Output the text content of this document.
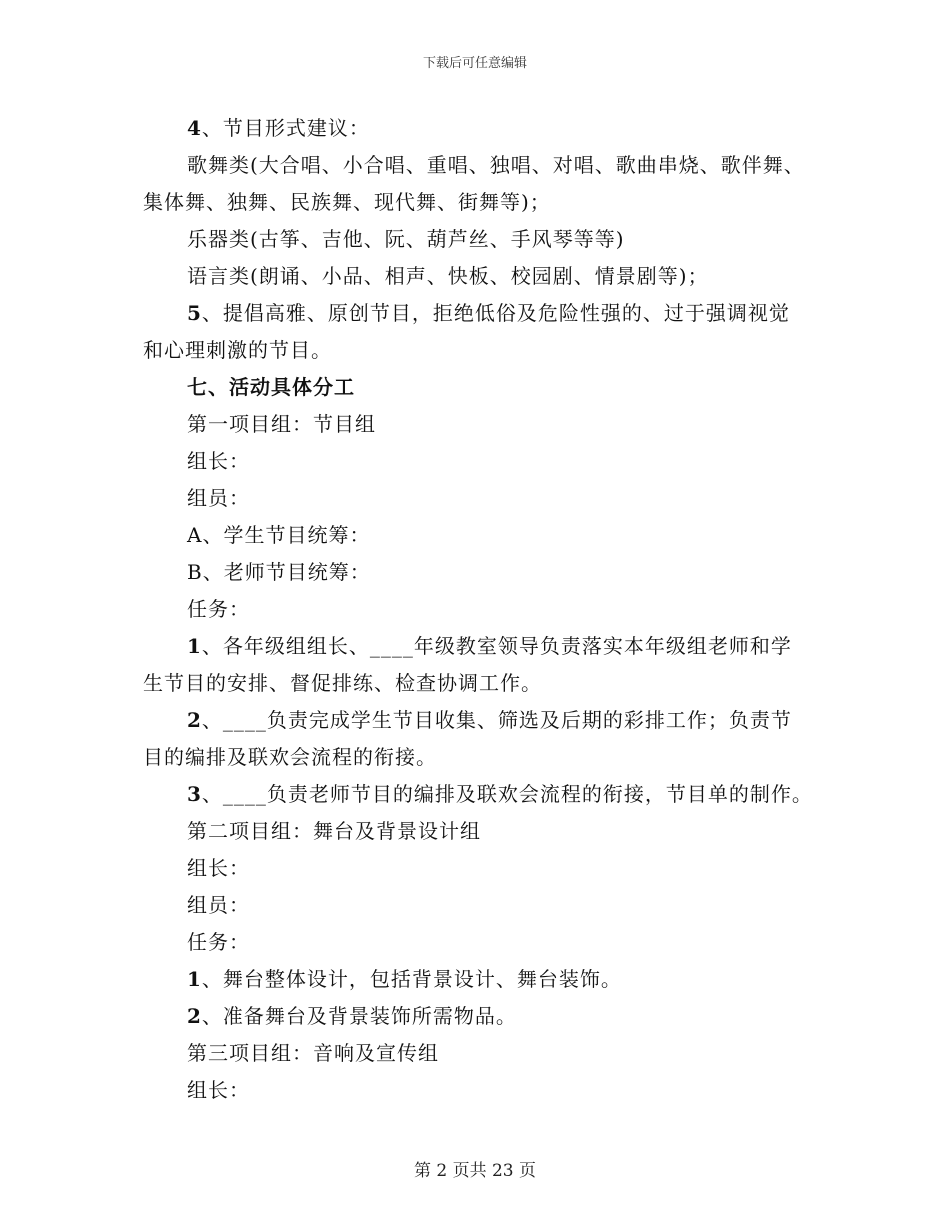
下载后可任意编辑
4、节目形式建议：
歌舞类(大合唱、小合唱、重唱、独唱、对唱、歌曲串烧、歌伴舞、
集体舞、独舞、民族舞、现代舞、街舞等)；
乐器类(古筝、吉他、阮、葫芦丝、手风琴等等)
语言类(朗诵、小品、相声、快板、校园剧、情景剧等)；
5、提倡高雅、原创节目，拒绝低俗及危险性强的、过于强调视觉
和心理刺激的节目。
七、活动具体分工
第一项目组：节目组
组长：
组员：
A、学生节目统筹：
B、老师节目统筹：
任务：
1、各年级组组长、____年级教室领导负责落实本年级组老师和学
生节目的安排、督促排练、检查协调工作。
2、____负责完成学生节目收集、筛选及后期的彩排工作；负责节
目的编排及联欢会流程的衔接。
3、____负责老师节目的编排及联欢会流程的衔接，节目单的制作。
第二项目组：舞台及背景设计组
组长：
组员：
任务：
1、舞台整体设计，包括背景设计、舞台装饰。
2、准备舞台及背景装饰所需物品。
第三项目组：音响及宣传组
组长：
第 2 页共 23 页
